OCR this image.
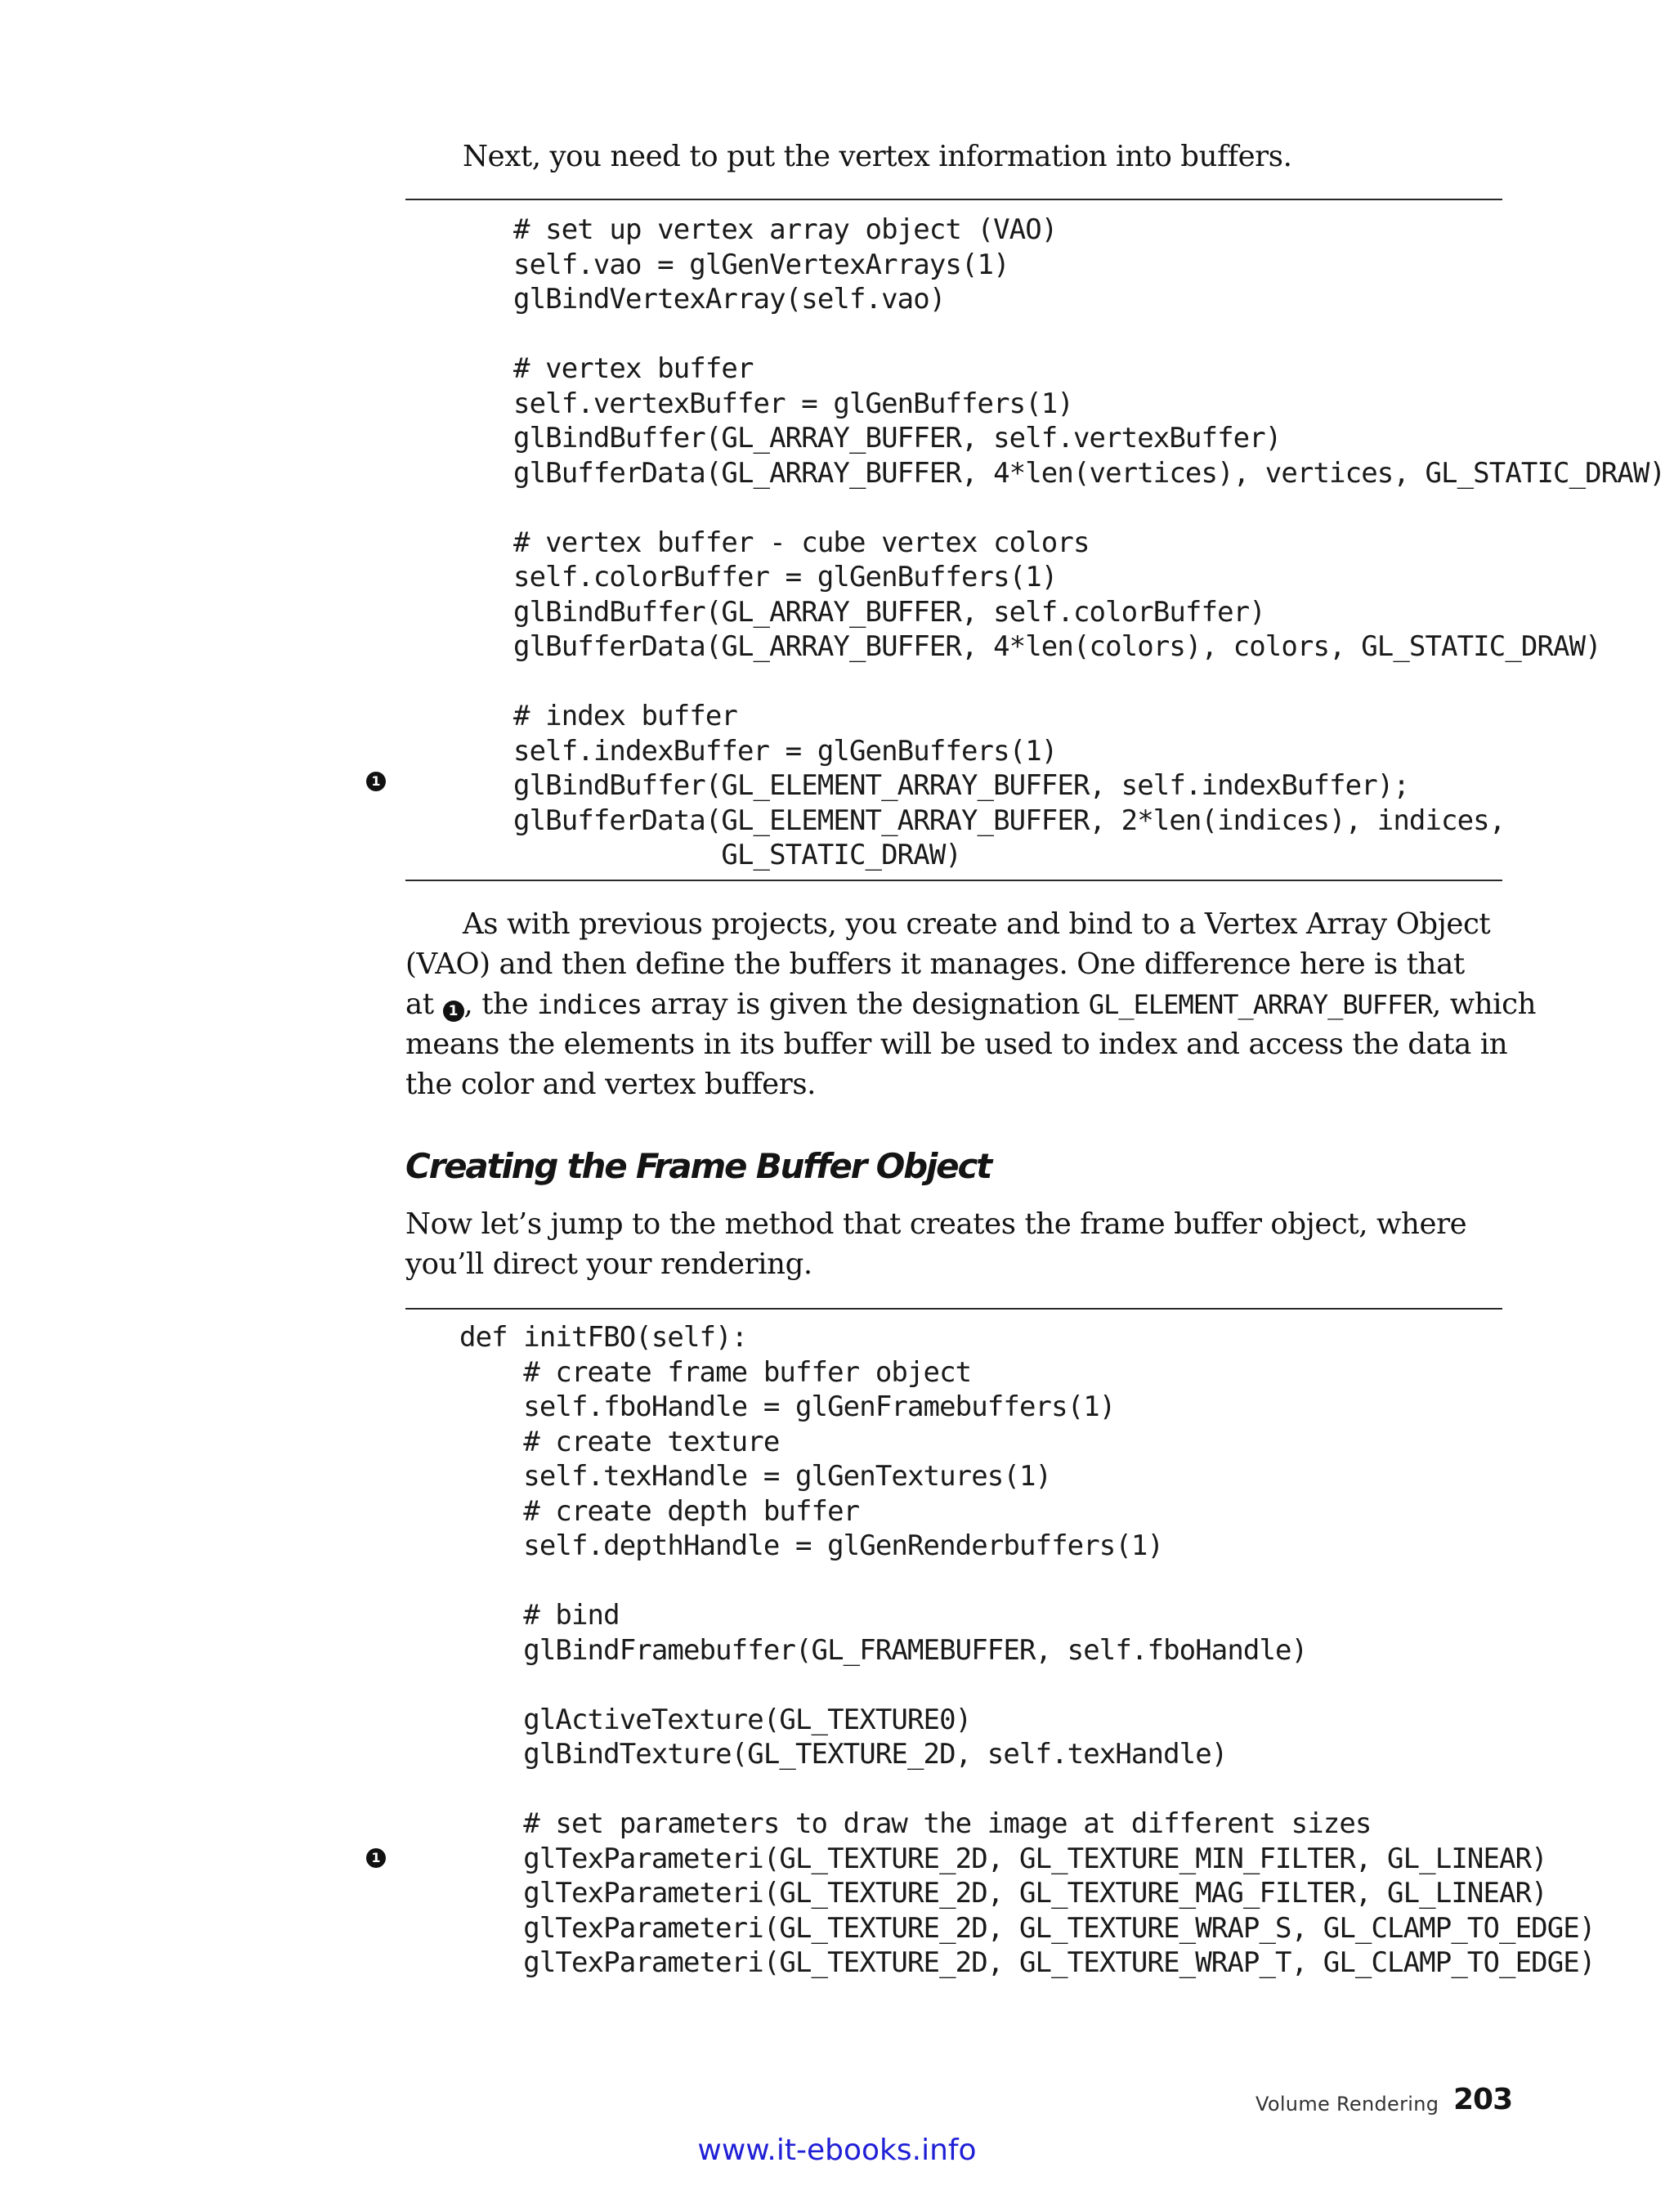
Next, you need to put the vertex information into buffers.
# set up vertex array object (VAO)
self.vao = glGenVertexArrays(1)
glBindVertexArray(self.vao)
# vertex buffer
self.vertexBuffer = glGenBuffers(1)
glBindBuffer(GL_ARRAY_BUFFER, self.vertexBuffer)
glBufferData(GL_ARRAY_BUFFER, 4*len(vertices), vertices, GL_STATIC_DRAW)
# vertex buffer - cube vertex colors
self.colorBuffer = glGenBuffers(1)
glBindBuffer(GL_ARRAY_BUFFER, self.colorBuffer)
glBufferData(GL_ARRAY_BUFFER, 4*len(colors), colors, GL_STATIC_DRAW)
# index buffer
self.indexBuffer = glGenBuffers(1)
glBindBuffer(GL_ELEMENT_ARRAY_BUFFER, self.indexBuffer);
glBufferData(GL_ELEMENT_ARRAY_BUFFER, 2*len(indices), indices,
GL_STATIC_DRAW)
1
As with previous projects, you create and bind to a Vertex Array Object
(VAO) and then define the buffers it manages. One difference here is that
at 1 , the indices array is given the designation GL_ELEMENT_ARRAY_BUFFER, which
means the elements in its buffer will be used to index and access the data in
the color and vertex buffers.
Creating the Frame Buffer Object
Now let’s jump to the method that creates the frame buffer object, where
you’ll direct your rendering.
def initFBO(self):
# create frame buffer object
self.fboHandle = glGenFramebuffers(1)
# create texture
self.texHandle = glGenTextures(1)
# create depth buffer
self.depthHandle = glGenRenderbuffers(1)
# bind
glBindFramebuffer(GL_FRAMEBUFFER, self.fboHandle)
glActiveTexture(GL_TEXTURE0)
glBindTexture(GL_TEXTURE_2D, self.texHandle)
# set parameters to draw the image at different sizes
glTexParameteri(GL_TEXTURE_2D, GL_TEXTURE_MIN_FILTER, GL_LINEAR)
glTexParameteri(GL_TEXTURE_2D, GL_TEXTURE_MAG_FILTER, GL_LINEAR)
glTexParameteri(GL_TEXTURE_2D, GL_TEXTURE_WRAP_S, GL_CLAMP_TO_EDGE)
glTexParameteri(GL_TEXTURE_2D, GL_TEXTURE_WRAP_T, GL_CLAMP_TO_EDGE)
1
Volume Rendering 203
www.it-ebooks.info
